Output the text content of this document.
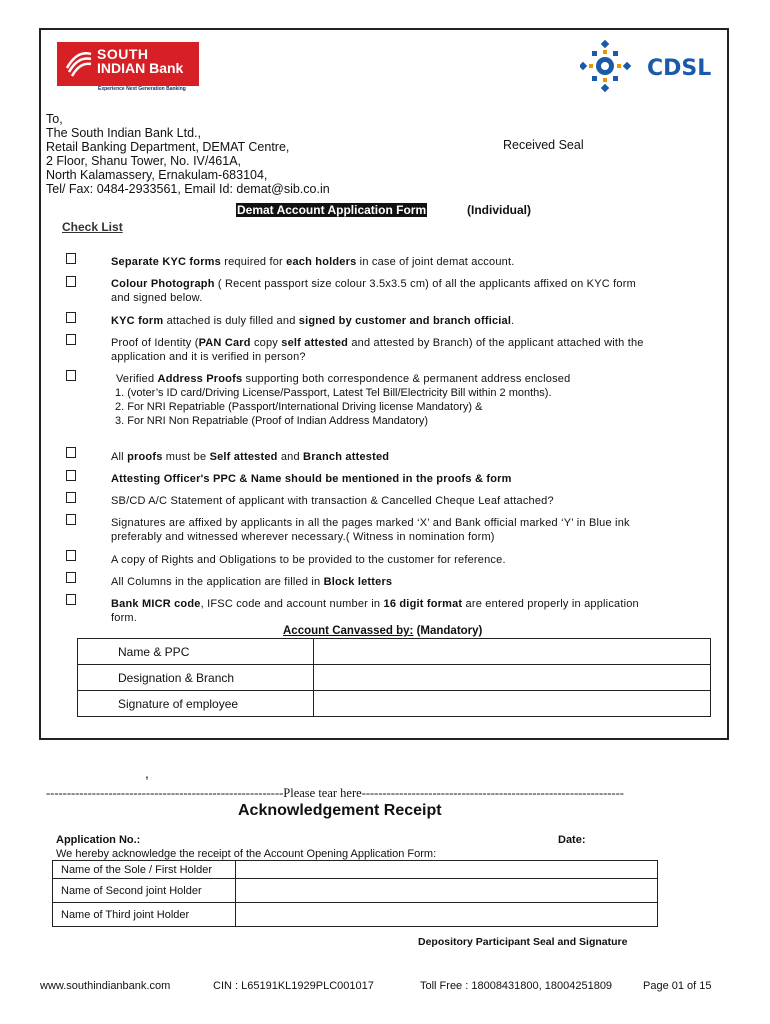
SOUTH
INDIAN Bank
Experience Next Generation Banking
CDSL
To,
The South Indian Bank Ltd.,
Retail Banking Department, DEMAT Centre,
2 Floor, Shanu Tower, No. IV/461A,
North Kalamassery, Ernakulam-683104,
Tel/ Fax: 0484-2933561, Email Id: demat@sib.co.in
Received Seal
Demat Account Application Form	(Individual)
Check List
Separate KYC forms required for each holders in case of joint demat account.
Colour Photograph ( Recent passport size colour 3.5x3.5 cm) of all the applicants affixed on KYC form
and signed below.
KYC form attached is duly filled and signed by customer and branch official.
Proof of Identity (PAN Card copy self attested and attested by Branch) of the applicant attached with the
application and it is verified in person?
Verified Address Proofs supporting both correspondence & permanent address enclosed
All proofs must be Self attested and Branch attested
Attesting Officer's PPC & Name should be mentioned in the proofs & form
SB/CD A/C Statement of applicant with transaction & Cancelled Cheque Leaf attached?
Signatures are affixed by applicants in all the pages marked ‘X’ and Bank official marked ‘Y’ in Blue ink
preferably and witnessed wherever necessary.( Witness in nomination form)
A copy of Rights and Obligations to be provided to the customer for reference.
All Columns in the application are filled in Block letters
Bank MICR code, IFSC code and account number in 16 digit format are entered properly in application
form.
1. (voter’s ID card/Driving License/Passport, Latest Tel Bill/Electricity Bill within 2 months).
2. For NRI Repatriable (Passport/International Driving license Mandatory) &
3. For NRI Non Repatriable (Proof of Indian Address Mandatory)
Account Canvassed by: (Mandatory)
Name & PPC	
Designation & Branch	
Signature of employee	
,
---------------------------------------------------------Please tear here---------------------------------------------------------------
Acknowledgement Receipt
Application No.:	Date:
We hereby acknowledge the receipt of the Account Opening Application Form:
Name of the Sole / First Holder	
Name of Second joint Holder	
Name of Third joint Holder	
Depository Participant Seal and Signature
www.southindianbank.com	CIN : L65191KL1929PLC001017	Toll Free : 18008431800, 18004251809	Page 01 of 15
